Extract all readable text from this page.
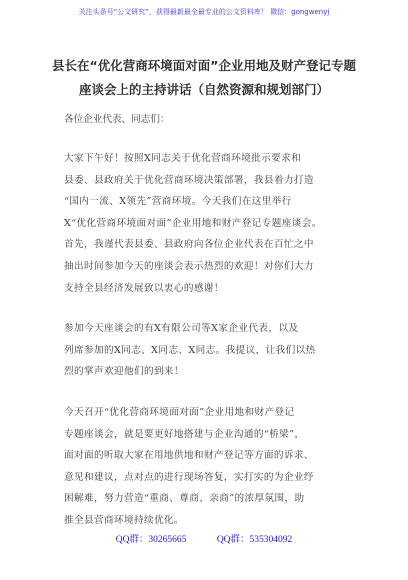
关注头条号“公文研究”，获得最新最全最专业的公文资料库！ 微信：gongwenyj
县长在“优化营商环境面对面”企业用地及财产登记专题
座谈会上的主持讲话（自然资源和规划部门）
各位企业代表、同志们：
大家下午好！按照X同志关于优化营商环境批示要求和
县委、县政府关于优化营商环境决策部署，我县着力打造
“国内一流、X领先”营商环境。今天我们在这里举行
X“优化营商环境面对面”企业用地和财产登记专题座谈会。
首先，我谨代表县委、县政府向各位企业代表在百忙之中
抽出时间参加今天的座谈会表示热烈的欢迎！对你们大力
支持全县经济发展致以衷心的感谢！
参加今天座谈会的有X有限公司等X家企业代表，以及
列席参加的X同志、X同志、X同志。我提议，让我们以热
烈的掌声欢迎他们的到来！
今天召开“优化营商环境面对面”企业用地和财产登记
专题座谈会，就是要更好地搭建与企业沟通的“桥梁”，
面对面的听取大家在用地供地和财产登记等方面的诉求、
意见和建议，点对点的进行现场答复，实打实的为企业纾
困解难，努力营造“重商、尊商、亲商”的浓厚氛围，助
推全县营商环境持续优化。
QQ群：30265665	QQ群：535304092
